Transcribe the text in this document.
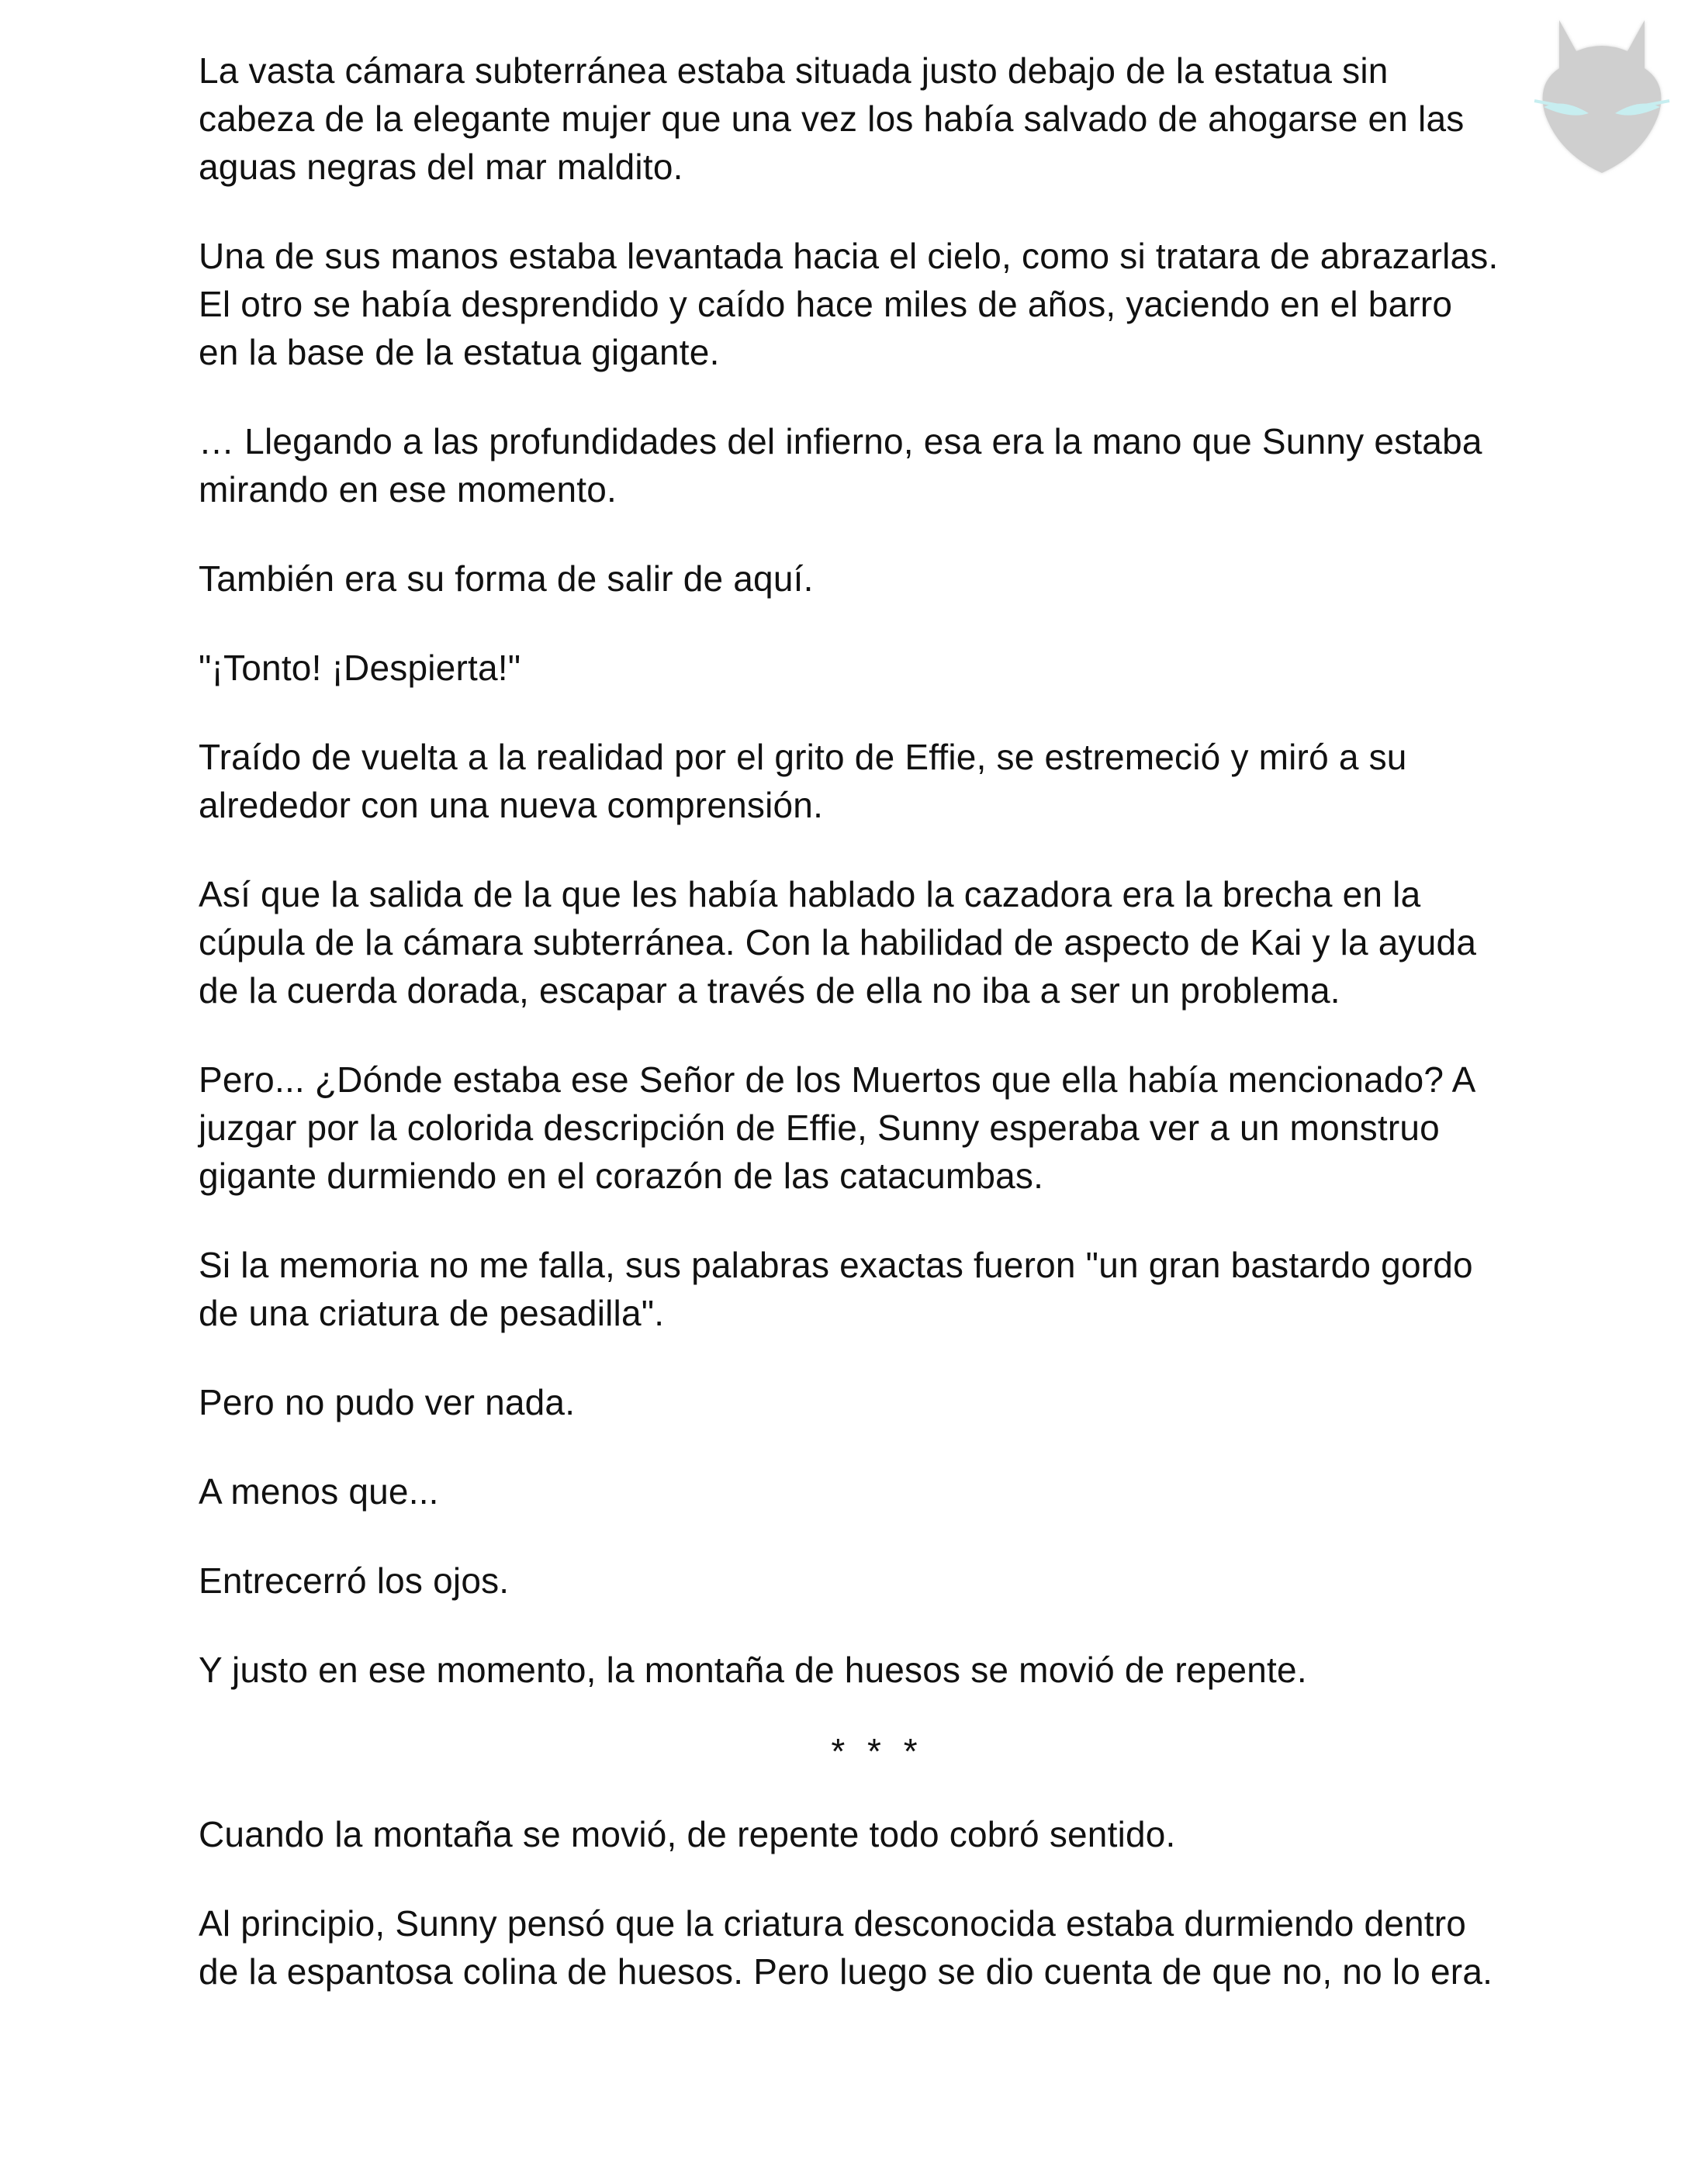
La vasta cámara subterránea estaba situada justo debajo de la estatua sin cabeza de la elegante mujer que una vez los había salvado de ahogarse en las aguas negras del mar maldito.

Una de sus manos estaba levantada hacia el cielo, como si tratara de abrazarlas. El otro se había desprendido y caído hace miles de años, yaciendo en el barro en la base de la estatua gigante.

… Llegando a las profundidades del infierno, esa era la mano que Sunny estaba mirando en ese momento.

También era su forma de salir de aquí.

"¡Tonto! ¡Despierta!"

Traído de vuelta a la realidad por el grito de Effie, se estremeció y miró a su alrededor con una nueva comprensión.

Así que la salida de la que les había hablado la cazadora era la brecha en la cúpula de la cámara subterránea. Con la habilidad de aspecto de Kai y la ayuda de la cuerda dorada, escapar a través de ella no iba a ser un problema.

Pero... ¿Dónde estaba ese Señor de los Muertos que ella había mencionado? A juzgar por la colorida descripción de Effie, Sunny esperaba ver a un monstruo gigante durmiendo en el corazón de las catacumbas.

Si la memoria no me falla, sus palabras exactas fueron "un gran bastardo gordo de una criatura de pesadilla".

Pero no pudo ver nada.

A menos que...

Entrecerró los ojos.

Y justo en ese momento, la montaña de huesos se movió de repente.

* * *

Cuando la montaña se movió, de repente todo cobró sentido.

Al principio, Sunny pensó que la criatura desconocida estaba durmiendo dentro de la espantosa colina de huesos. Pero luego se dio cuenta de que no, no lo era.
